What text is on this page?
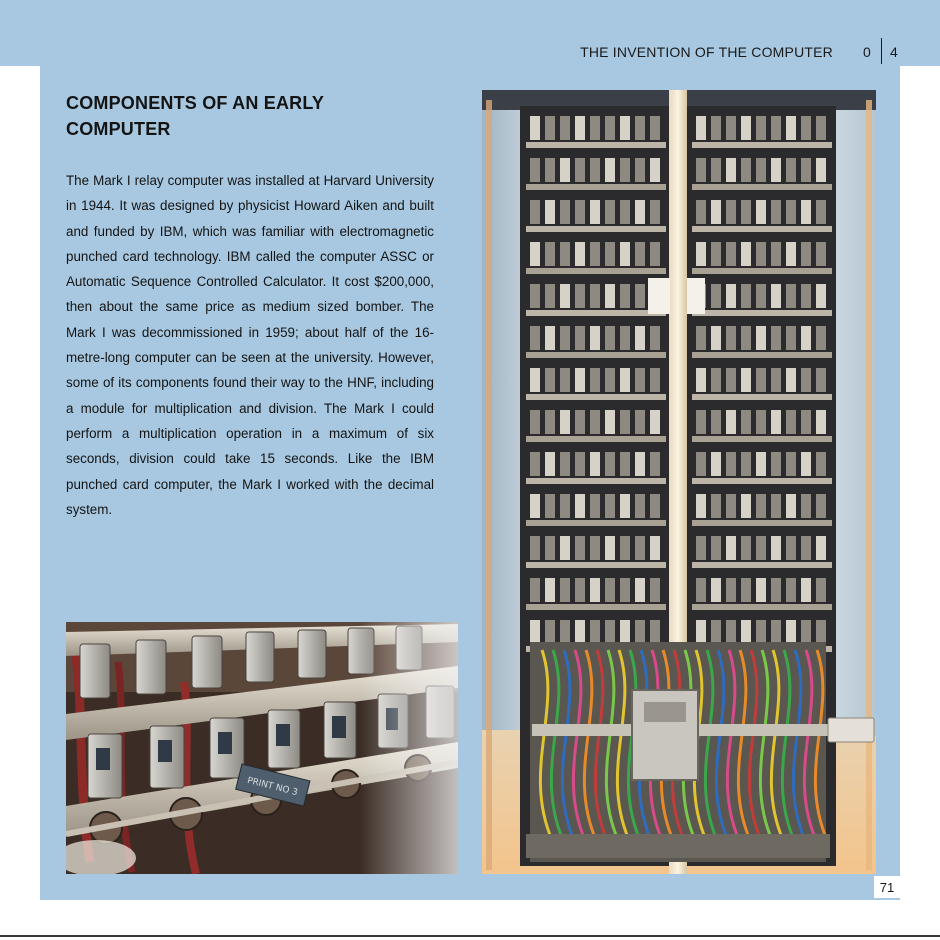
THE INVENTION OF THE COMPUTER 0 4
COMPONENTS OF AN EARLY COMPUTER

The Mark I relay computer was installed at Harvard University in 1944. It was designed by physicist Howard Aiken and built and funded by IBM, which was familiar with electromagnetic punched card technology. IBM called the computer ASSC or Automatic Sequence Controlled Calculator. It cost $200,000, then about the same price as medium sized bomber. The Mark I was decommissioned in 1959; about half of the 16-metre-long computer can be seen at the university. However, some of its components found their way to the HNF, including a module for multiplication and division. The Mark I could perform a multiplication operation in a maximum of six seconds, division could take 15 seconds. Like the IBM punched card computer, the Mark I worked with the decimal system.

71
